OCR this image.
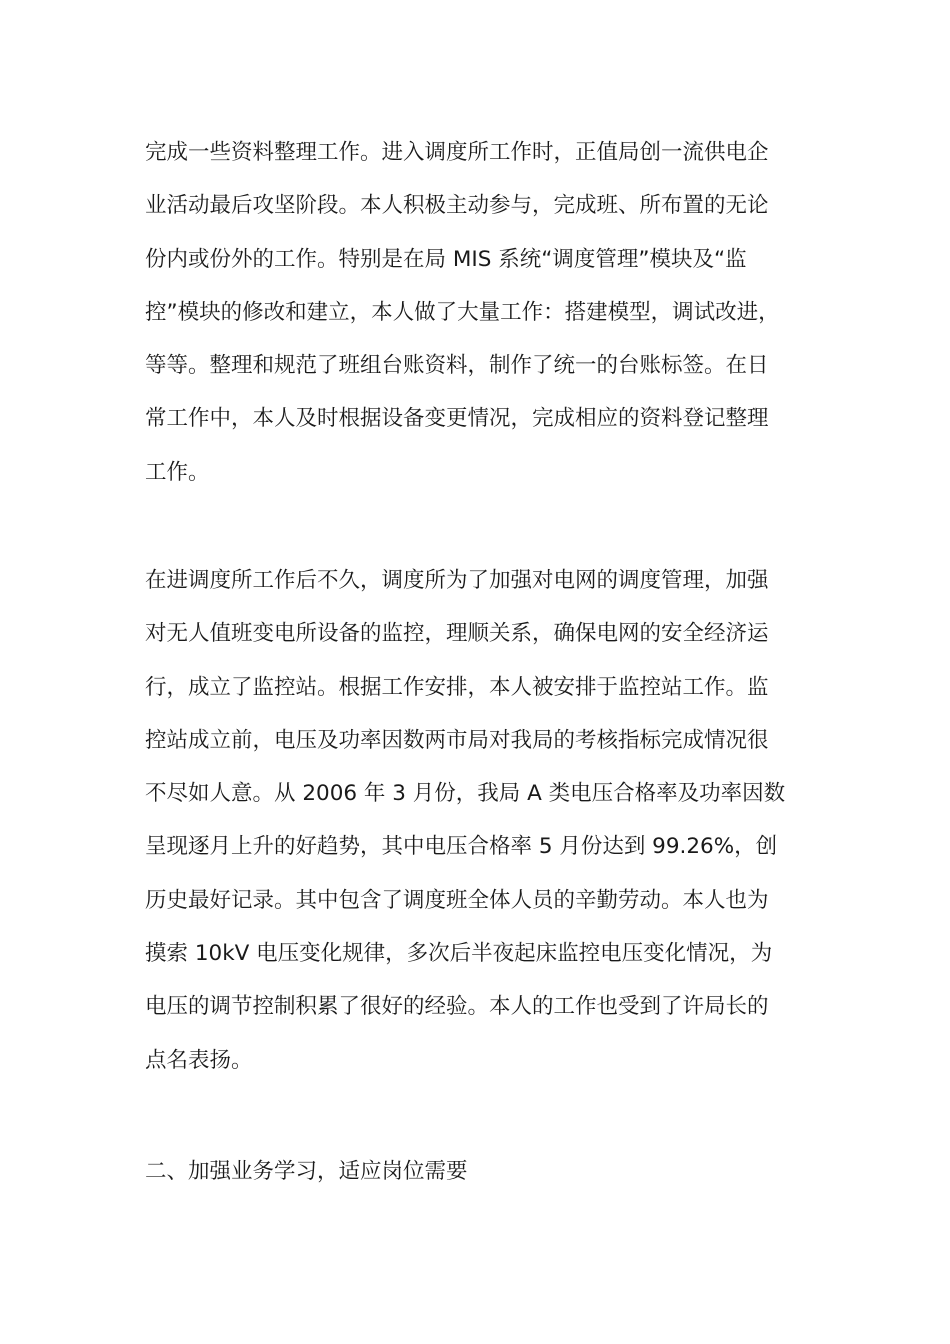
完成一些资料整理工作。进入调度所工作时，正值局创一流供电企
业活动最后攻坚阶段。本人积极主动参与，完成班、所布置的无论
份内或份外的工作。特别是在局 MIS 系统“调度管理”模块及“监
控”模块的修改和建立，本人做了大量工作：搭建模型，调试改进，
等等。整理和规范了班组台账资料，制作了统一的台账标签。在日
常工作中，本人及时根据设备变更情况，完成相应的资料登记整理
工作。

在进调度所工作后不久，调度所为了加强对电网的调度管理，加强
对无人值班变电所设备的监控，理顺关系，确保电网的安全经济运
行，成立了监控站。根据工作安排，本人被安排于监控站工作。监
控站成立前，电压及功率因数两市局对我局的考核指标完成情况很
不尽如人意。从 2006 年 3 月份，我局 A 类电压合格率及功率因数
呈现逐月上升的好趋势，其中电压合格率 5 月份达到 99.26%，创
历史最好记录。其中包含了调度班全体人员的辛勤劳动。本人也为
摸索 10kV 电压变化规律，多次后半夜起床监控电压变化情况，为
电压的调节控制积累了很好的经验。本人的工作也受到了许局长的
点名表扬。

二、加强业务学习，适应岗位需要
